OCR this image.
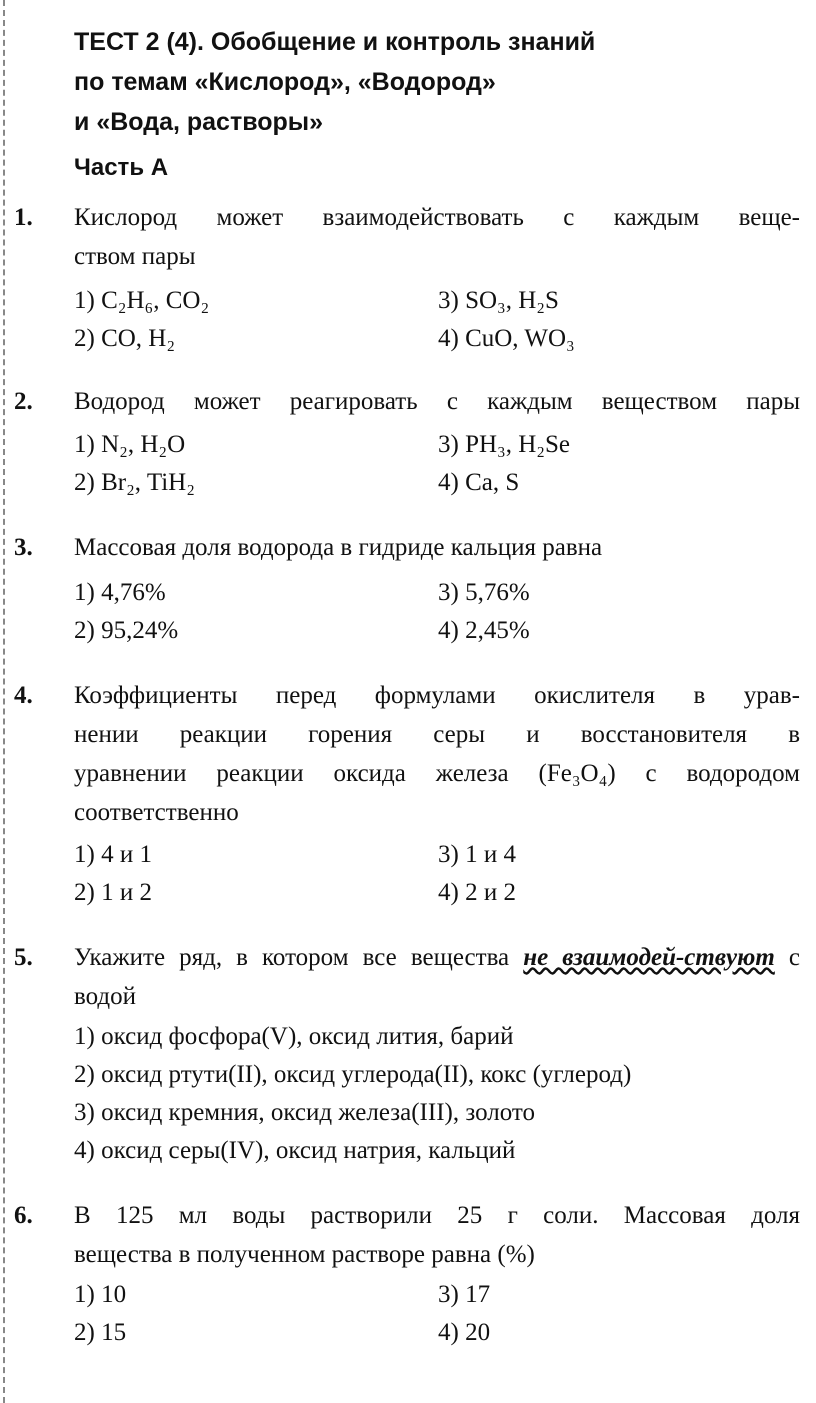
ТЕСТ 2 (4). Обобщение и контроль знаний
по темам «Кислород», «Водород»
и «Вода, растворы»
Часть А
1. Кислород может взаимодействовать с каждым веще-
ством пары
1) C₂H₆, CO₂	3) SO₃, H₂S
2) CO, H₂	4) CuO, WO₃
2. Водород может реагировать с каждым веществом пары
1) N₂, H₂O	3) PH₃, H₂Se
2) Br₂, TiH₂	4) Ca, S
3. Массовая доля водорода в гидриде кальция равна
1) 4,76%	3) 5,76%
2) 95,24%	4) 2,45%
4. Коэффициенты перед формулами окислителя в урав-
нении реакции горения серы и восстановителя в
уравнении реакции оксида железа (Fe₃O₄) с водородом
соответственно
1) 4 и 1	3) 1 и 4
2) 1 и 2	4) 2 и 2
5. Укажите ряд, в котором все вещества не взаимодей-ствуют с водой
1) оксид фосфора(V), оксид лития, барий
2) оксид ртути(II), оксид углерода(II), кокс (углерод)
3) оксид кремния, оксид железа(III), золото
4) оксид серы(IV), оксид натрия, кальций
6. В 125 мл воды растворили 25 г соли. Массовая доля
вещества в полученном растворе равна (%)
1) 10	3) 17
2) 15	4) 20
